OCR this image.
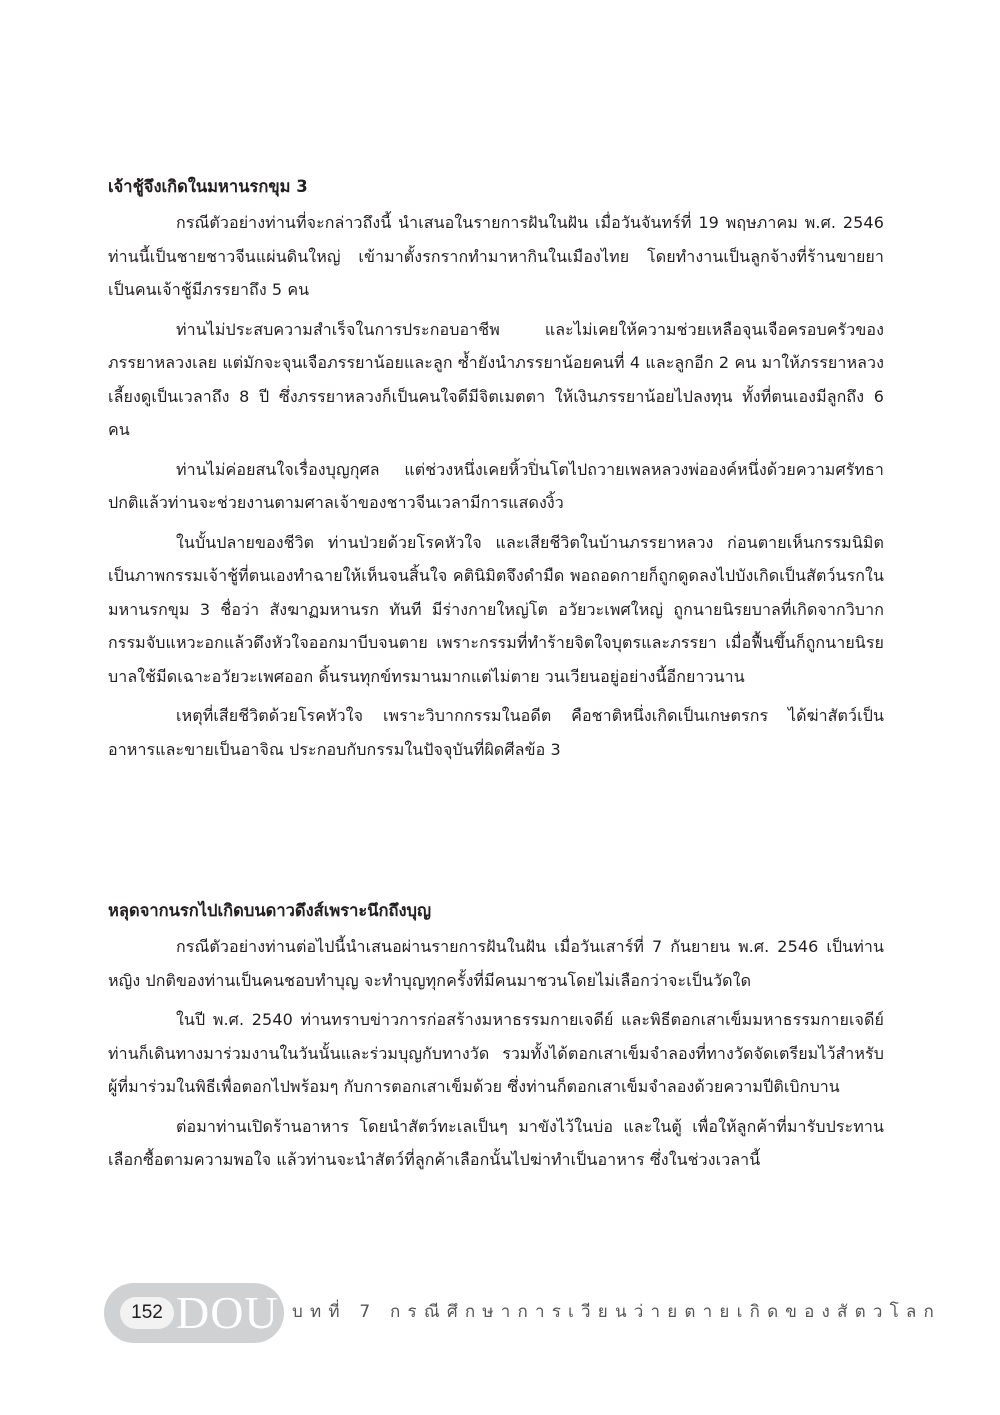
เจ้าชู้จึงเกิดในมหานรกขุม 3

กรณีตัวอย่างท่านที่จะกล่าวถึงนี้ นำเสนอในรายการฝันในฝัน เมื่อวันจันทร์ที่ 19 พฤษภาคม พ.ศ. 2546 ท่านนี้เป็นชายชาวจีนแผ่นดินใหญ่ เข้ามาตั้งรกรากทำมาหากินในเมืองไทย โดยทำงานเป็นลูกจ้างที่ร้านขายยา เป็นคนเจ้าชู้มีภรรยาถึง 5 คน

ท่านไม่ประสบความสำเร็จในการประกอบอาชีพ และไม่เคยให้ความช่วยเหลือจุนเจือครอบครัวของภรรยาหลวงเลย แต่มักจะจุนเจือภรรยาน้อยและลูก ซ้ำยังนำภรรยาน้อยคนที่ 4 และลูกอีก 2 คน มาให้ภรรยาหลวงเลี้ยงดูเป็นเวลาถึง 8 ปี ซึ่งภรรยาหลวงก็เป็นคนใจดีมีจิตเมตตา ให้เงินภรรยาน้อยไปลงทุน ทั้งที่ตนเองมีลูกถึง 6 คน

ท่านไม่ค่อยสนใจเรื่องบุญกุศล แต่ช่วงหนึ่งเคยหิ้วปิ่นโตไปถวายเพลหลวงพ่อองค์หนึ่งด้วยความศรัทธา ปกติแล้วท่านจะช่วยงานตามศาลเจ้าของชาวจีนเวลามีการแสดงงิ้ว

ในบั้นปลายของชีวิต ท่านป่วยด้วยโรคหัวใจ และเสียชีวิตในบ้านภรรยาหลวง ก่อนตายเห็นกรรมนิมิตเป็นภาพกรรมเจ้าชู้ที่ตนเองทำฉายให้เห็นจนสิ้นใจ คตินิมิตจึงดำมืด พอถอดกายก็ถูกดูดลงไปบังเกิดเป็นสัตว์นรกในมหานรกขุม 3 ชื่อว่า สังฆาฏมหานรก ทันที มีร่างกายใหญ่โต อวัยวะเพศใหญ่ ถูกนายนิรยบาลที่เกิดจากวิบากกรรมจับแหวะอกแล้วดึงหัวใจออกมาบีบจนตาย เพราะกรรมที่ทำร้ายจิตใจบุตรและภรรยา เมื่อฟื้นขึ้นก็ถูกนายนิรยบาลใช้มีดเฉาะอวัยวะเพศออก ดิ้นรนทุกข์ทรมานมากแต่ไม่ตาย วนเวียนอยู่อย่างนี้อีกยาวนาน

เหตุที่เสียชีวิตด้วยโรคหัวใจ เพราะวิบากกรรมในอดีต คือชาติหนึ่งเกิดเป็นเกษตรกร ได้ฆ่าสัตว์เป็นอาหารและขายเป็นอาจิณ ประกอบกับกรรมในปัจจุบันที่ผิดศีลข้อ 3

หลุดจากนรกไปเกิดบนดาวดึงส์เพราะนึกถึงบุญ

กรณีตัวอย่างท่านต่อไปนี้นำเสนอผ่านรายการฝันในฝัน เมื่อวันเสาร์ที่ 7 กันยายน พ.ศ. 2546 เป็นท่านหญิง ปกติของท่านเป็นคนชอบทำบุญ จะทำบุญทุกครั้งที่มีคนมาชวนโดยไม่เลือกว่าจะเป็นวัดใด

ในปี พ.ศ. 2540 ท่านทราบข่าวการก่อสร้างมหาธรรมกายเจดีย์ และพิธีตอกเสาเข็มมหาธรรมกายเจดีย์ ท่านก็เดินทางมาร่วมงานในวันนั้นและร่วมบุญกับทางวัด รวมทั้งได้ตอกเสาเข็มจำลองที่ทางวัดจัดเตรียมไว้สำหรับผู้ที่มาร่วมในพิธีเพื่อตอกไปพร้อมๆ กับการตอกเสาเข็มด้วย ซึ่งท่านก็ตอกเสาเข็มจำลองด้วยความปีติเบิกบาน

ต่อมาท่านเปิดร้านอาหาร โดยนำสัตว์ทะเลเป็นๆ มาขังไว้ในบ่อ และในตู้ เพื่อให้ลูกค้าที่มารับประทานเลือกซื้อตามความพอใจ แล้วท่านจะนำสัตว์ที่ลูกค้าเลือกนั้นไปฆ่าทำเป็นอาหาร ซึ่งในช่วงเวลานี้

152 DOU บทที่ 7 กรณีศึกษาการเวียนว่ายตายเกิดของสัตวโลก
